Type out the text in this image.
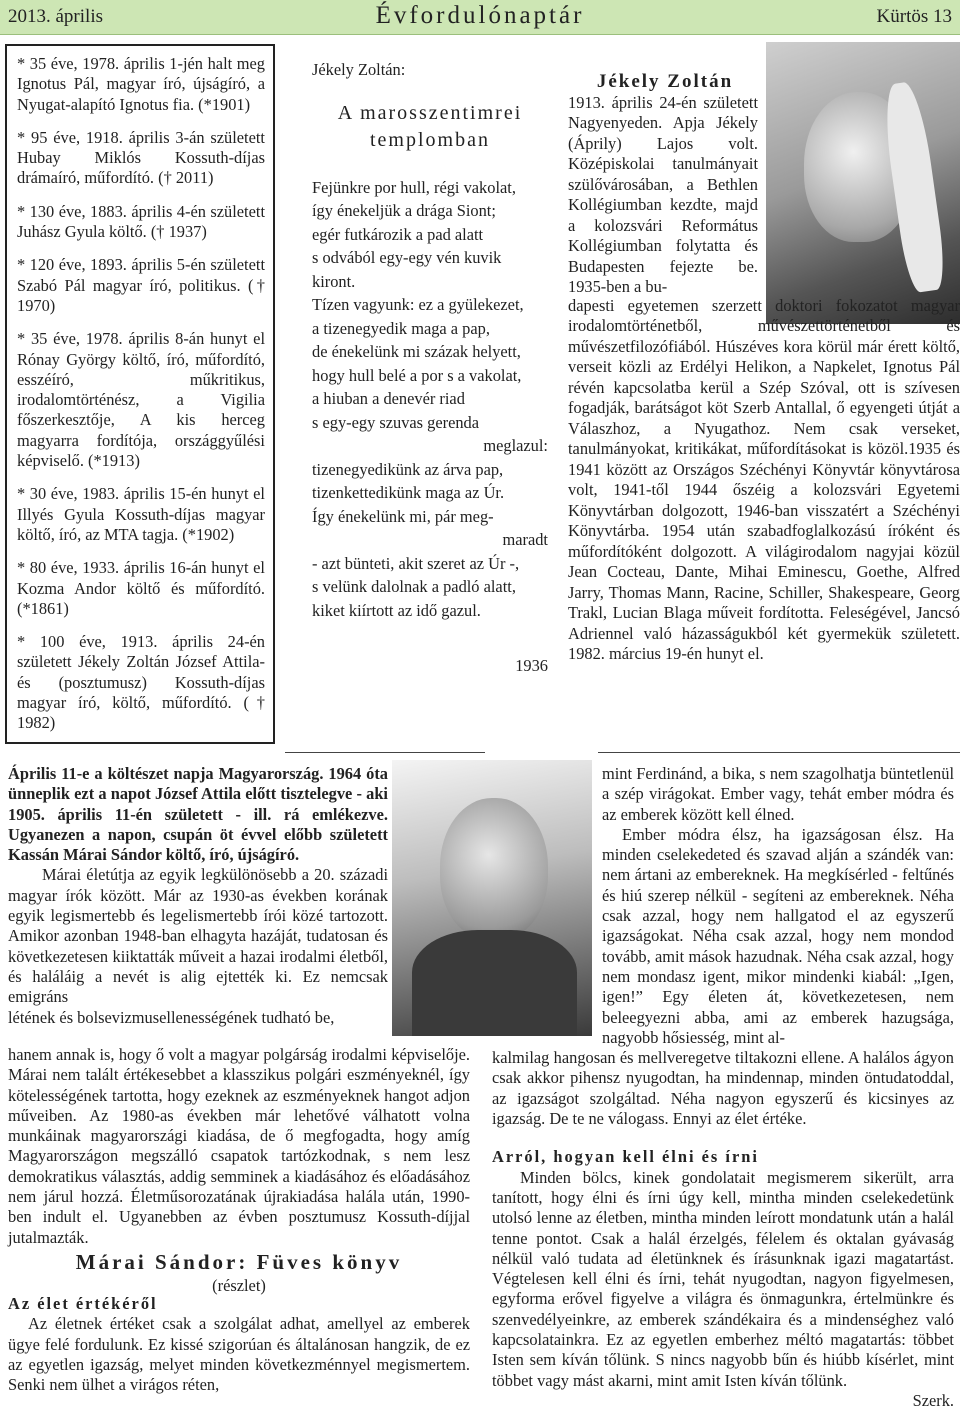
2013. április	Évfordulónaptár	Kürtös 13

* 35 éve, 1978. április 1-jén halt meg Ignotus Pál, magyar író, újságíró, a Nyugat-alapító Ignotus fia. (*1901)

* 95 éve, 1918. április 3-án született Hubay Miklós Kossuth-díjas drámaíró, műfordító. († 2011)

* 130 éve, 1883. április 4-én született Juhász Gyula költő. († 1937)

* 120 éve, 1893. április 5-én született Szabó Pál magyar író, politikus. († 1970)

* 35 éve, 1978. április 8-án hunyt el Rónay György költő, író, műfordító, esszéíró, műkritikus, irodalomtörténész, a Vigilia főszerkesztője, A kis herceg magyarra fordítója, országgyűlési képviselő. (*1913)

* 30 éve, 1983. április 15-én hunyt el Illyés Gyula Kossuth-díjas magyar költő, író, az MTA tagja. (*1902)

* 80 éve, 1933. április 16-án hunyt el Kozma Andor költő és műfordító. (*1861)

* 100 éve, 1913. április 24-én született Jékely Zoltán József Attila- és (posztumusz) Kossuth-díjas magyar író, költő, műfordító. († 1982)

Jékely Zoltán:
A marosszentimrei
templomban
Fejünkre por hull, régi vakolat,
így énekeljük a drága Siont;
egér futkározik a pad alatt
s odvából egy-egy vén kuvik kiront.
Tízen vagyunk: ez a gyülekezet,
a tizenegyedik maga a pap,
de énekelünk mi százak helyett,
hogy hull belé a por s a vakolat,
a hiuban a denevér riad
s egy-egy szuvas gerenda
meglazul:
tizenegyedikünk az árva pap,
tizenkettedikünk maga az Úr.
Így énekelünk mi, pár meg-
maradt
- azt bünteti, akit szeret az Úr -,
s velünk dalolnak a padló alatt,
kiket kiírtott az idő gazul.
1936
Jékely Zoltán
1913. április 24-én született Nagyenyeden. Apja Jékely (Áprily) Lajos volt. Középiskolai tanulmányait szülővárosában, a Bethlen Kollégiumban kezdte, majd a kolozsvári Református Kollégiumban folytatta és Budapesten fejezte be. 1935-ben a bu-
dapesti egyetemen szerzett doktori fokozatot magyar irodalomtörténetből, művészettörténetből és művészetfilozófiából. Húszéves kora körül már érett költő, verseit közli az Erdélyi Helikon, a Napkelet, Ignotus Pál révén kapcsolatba kerül a Szép Szóval, ott is szívesen fogadják, barátságot köt Szerb Antallal, ő egyengeti útját a Válaszhoz, a Nyugathoz. Nem csak verseket, tanulmányokat, kritikákat, műfordításokat is közöl.1935 és 1941 között az Országos Széchényi Könyvtár könyvtárosa volt, 1941-től 1944 őszéig a kolozsvári Egyetemi Könyvtárban dolgozott, 1946-ban visszatért a Széchényi Könyvtárba. 1954 után szabadfoglalkozású íróként és műfordítóként dolgozott. A világirodalom nagyjai közül Jean Cocteau, Dante, Mihai Eminescu, Goethe, Alfred Jarry, Thomas Mann, Racine, Schiller, Shakespeare, Georg Trakl, Lucian Blaga műveit fordította. Feleségével, Jancsó Adriennel való házasságukból két gyermekük született. 1982. március 19-én hunyt el.
Április 11-e a költészet napja Magyarország. 1964 óta ünneplik ezt a napot József Attila előtt tisztelegve - aki 1905. április 11-én született - ill. rá emlékezve. Ugyanezen a napon, csupán öt évvel előbb született Kassán Márai Sándor költő, író, újságíró.
Márai életútja az egyik legkülönösebb a 20. századi magyar írók között. Már az 1930-as években korának egyik legismertebb és legelismertebb írói közé tartozott. Amikor azonban 1948-ban elhagyta hazáját, tudatosan és következetesen kiiktatták műveit a hazai irodalmi életből, és haláláig a nevét is alig ejtették ki. Ez nemcsak emigráns
létének és bolsevizmusellenességének tudható be,
hanem annak is, hogy ő volt a magyar polgárság irodalmi képviselője. Márai nem talált értékesebbet a klasszikus polgári eszményeknél, így kötelességének tartotta, hogy ezeknek az eszményeknek hangot adjon műveiben. Az 1980-as években már lehetővé válhatott volna munkáinak magyarországi kiadása, de ő megfogadta, hogy amíg Magyarországon megszálló csapatok tartózkodnak, s nem lesz demokratikus választás, addig semminek a kiadásához és előadásához nem járul hozzá. Életműsorozatának újrakiadása halála után, 1990-ben indult el. Ugyanebben az évben posztumusz Kossuth-díjjal jutalmazták.
Márai Sándor: Füves könyv
(részlet)
Az élet értékéről
Az életnek értéket csak a szolgálat adhat, amellyel az emberek ügye felé fordulunk. Ez kissé szigorúan és általánosan hangzik, de ez az egyetlen igazság, melyet minden következménnyel megismertem. Senki nem ülhet a virágos réten,
mint Ferdinánd, a bika, s nem szagolhatja büntetlenül a szép virágokat. Ember vagy, tehát ember módra és az emberek között kell élned.
Ember módra élsz, ha igazságosan élsz. Ha minden cselekedeted és szavad alján a szándék van: nem ártani az embereknek. Ha megkísérled - feltűnés és hiú szerep nélkül - segíteni az embereknek. Néha csak azzal, hogy nem hallgatod el az egyszerű igazságokat. Néha csak azzal, hogy nem mondod tovább, amit mások hazudnak. Néha csak azzal, hogy nem mondasz igent, mikor mindenki kiabál: „Igen, igen!” Egy életen át, következetesen, nem beleegyezni abba, ami az emberek hazugsága, nagyobb hősiesség, mint al-
kalmilag hangosan és mellveregetve tiltakozni ellene. A halálos ágyon csak akkor pihensz nyugodtan, ha mindennap, minden öntudatoddal, az igazságot szolgáltad. Néha nagyon egyszerű és kicsinyes az igazság. De te ne válogass. Ennyi az élet értéke.
Arról, hogyan kell élni és írni
Minden bölcs, kinek gondolatait megismerem sikerült, arra tanított, hogy élni és írni úgy kell, mintha minden cselekedetünk utolsó lenne az életben, mintha minden leírott mondatunk után a halál tenne pontot. Csak a halál érzelgés, félelem és oktalan gyávaság nélkül való tudata ad életünknek és írásunknak igazi magatartást. Végtelesen kell élni és írni, tehát nyugodtan, nagyon figyelmesen, egyforma erővel figyelve a világra és önmagunkra, értelmünkre és szenvedélyeinkre, az emberek szándékaira és a mindenséghez való kapcsolatainkra. Ez az egyetlen emberhez méltó magatartás: többet Isten sem kíván tőlünk. S nincs nagyobb bűn és hiúbb kísérlet, mint többet vagy mást akarni, mint amit Isten kíván tőlünk.
Szerk.
